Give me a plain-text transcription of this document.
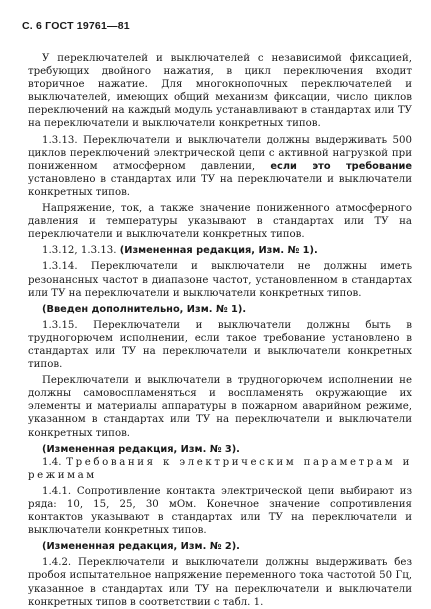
С. 6 ГОСТ 19761—81

У переключателей и выключателей с независимой фиксацией, требующих двойного нажатия, в цикл переключения входит вторичное нажатие. Для многокнопочных переключателей и выключателей, имеющих общий механизм фиксации, число циклов переключений на каждый модуль устанавливают в стандартах или ТУ на переключатели и выключатели конкретных типов.

1.3.13. Переключатели и выключатели должны выдерживать 500 циклов переключений электрической цепи с активной нагрузкой при пониженном атмосферном давлении, если это требование установлено в стандартах или ТУ на переключатели и выключатели конкретных типов.

Напряжение, ток, а также значение пониженного атмосферного давления и температуры указывают в стандартах или ТУ на переключатели и выключатели конкретных типов.

1.3.12, 1.3.13. (Измененная редакция, Изм. № 1).

1.3.14. Переключатели и выключатели не должны иметь резонансных частот в диапазоне частот, установленном в стандартах или ТУ на переключатели и выключатели конкретных типов.

(Введен дополнительно, Изм. № 1).

1.3.15. Переключатели и выключатели должны быть в трудногорючем исполнении, если такое требование установлено в стандартах или ТУ на переключатели и выключатели конкретных типов.

Переключатели и выключатели в трудногорючем исполнении не должны самовоспламеняться и воспламенять окружающие их элементы и материалы аппаратуры в пожарном аварийном режиме, указанном в стандартах или ТУ на переключатели и выключатели конкретных типов.

(Измененная редакция, Изм. № 3).

1.4. Требования к электрическим параметрам и режимам

1.4.1. Сопротивление контакта электрической цепи выбирают из ряда: 10, 15, 25, 30 мОм. Конечное значение сопротивления контактов указывают в стандартах или ТУ на переключатели и выключатели конкретных типов.

(Измененная редакция, Изм. № 2).

1.4.2. Переключатели и выключатели должны выдерживать без пробоя испытательное напряжение переменного тока частотой 50 Гц, указанное в стандартах или ТУ на переключатели и выключатели конкретных типов в соответствии с табл. 1.
